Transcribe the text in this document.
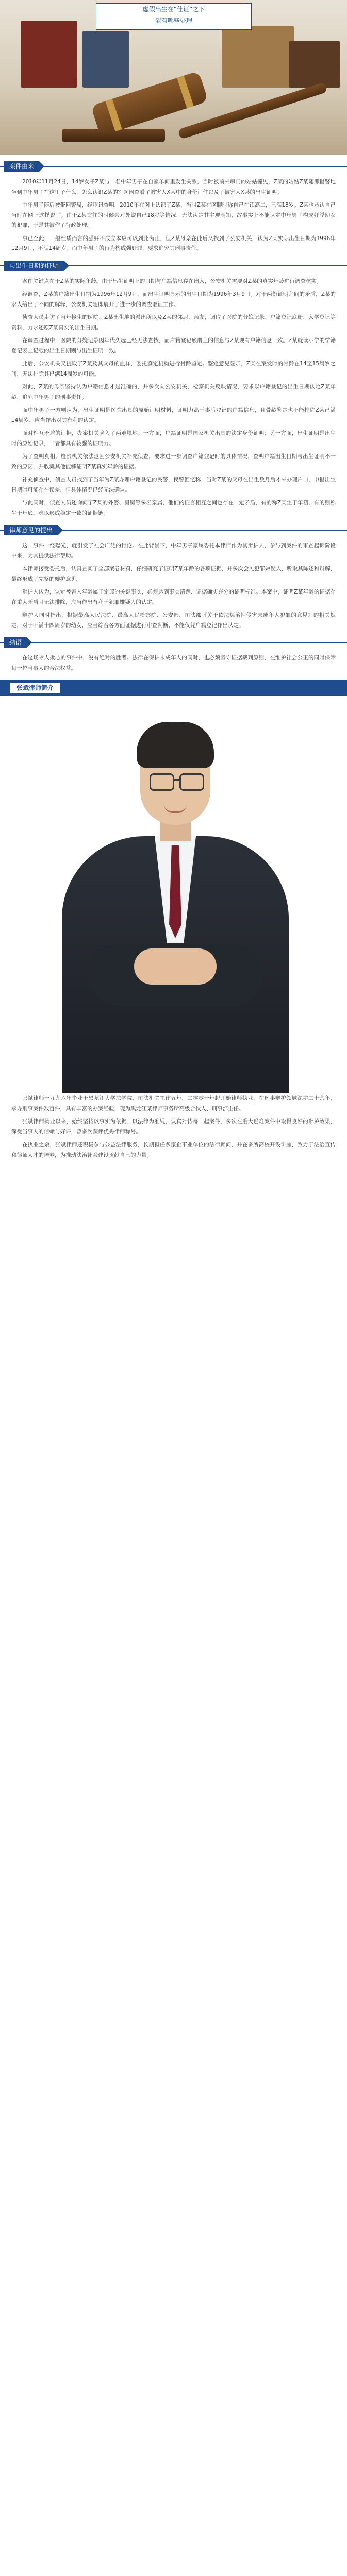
虚假出生在“仕证”之下
能有哪些处理
案件由来

2010年11月24日，14岁女子Z某与一名中年男子在自家单间里发生关系，当时被前来串门的姑姑撞见，Z某的姑姑Z某随即报警地坐到中年男子在这里子什么，怎么认识Z某的？起因查看了被害人X某中的身份证件以及了被害人X某的出生证明。

中年男子随后被带回警局，经审讯查明，2010年在网上认识了Z某，当时Z某在网聊时称自己在读高二，已满18岁。Z某也承认自己当时在网上这样说了。由于Z某交往的时候会对外说自己18岁等情况，无法认定其主观明知，故事实上不能认定中年男子构成奸淫幼女的犯罪，于是其被作了行政处理。

事已至此，一般性质而言的强奸不成立本应可以到此为止，但Z某母亲在此后又找到了公安机关，认为Z某实际出生日期为1996年12月9日，不满14周岁。而中年男子的行为构成强奸罪，要求追究其刑事责任。

与出生日期的证明

案件关键点在于Z某的实际年龄。由于出生证明上的日期与户籍信息存在出入，公安机关需要对Z某的真实年龄进行调查核实。

经调查，Z某的户籍出生日期为1996年12月9日，而出生证明显示的出生日期为1996年3月9日。对于两份证明之间的矛盾，Z某的家人给出了不同的解释，公安机关随即展开了进一步的调查取证工作。

侦查人员走访了当年接生的医院、Z某出生地的派出所以及Z某的邻居、亲友，调取了医院的分娩记录、户籍登记底册、入学登记等资料，力求还原Z某真实的出生日期。

在调查过程中，医院的分娩记录因年代久远已经无法查找，而户籍登记底册上的信息与Z某现有户籍信息一致。Z某就读小学的学籍登记表上记载的出生日期则与出生证明一致。

此后，公安机关又提取了Z某及其父母的血样，委托鉴定机构进行骨龄鉴定。鉴定意见显示，Z某在案发时的骨龄在14至15周岁之间，无法排除其已满14周岁的可能。

对此，Z某的母亲坚持认为户籍信息才是准确的，并多次向公安机关、检察机关反映情况，要求以户籍登记的出生日期认定Z某年龄，追究中年男子的刑事责任。

而中年男子一方则认为，出生证明是医院出具的原始证明材料，证明力高于事后登记的户籍信息，且骨龄鉴定也不能排除Z某已满14周岁，应当作出对其有利的认定。

面对相互矛盾的证据，办案机关陷入了两难境地。一方面，户籍证明是国家机关出具的法定身份证明；另一方面，出生证明是出生时的原始记录，二者都具有较强的证明力。

为了查明真相，检察机关依法退回公安机关补充侦查，要求进一步调查户籍登记时的具体情况，查明户籍出生日期与出生证明不一致的原因，并收集其他能够证明Z某真实年龄的证据。

补充侦查中，侦查人员找到了当年为Z某办理户籍登记的民警，民警回忆称，当时Z某的父母在出生数月后才来办理户口，申报出生日期时可能存在误差，但具体情况已经无法确认。

与此同时，侦查人员还询问了Z某的外婆、舅舅等多名亲属，他们的证言相互之间也存在一定矛盾，有的称Z某生于年初，有的则称生于年底，难以形成稳定一致的证据链。

律师意见的提出

这一事件一经曝光，就引发了社会广泛的讨论。在此背景下，中年男子家属委托本律师作为其辩护人，参与到案件的审查起诉阶段中来，为其提供法律帮助。

本律师接受委托后，认真查阅了全部案卷材料，仔细研究了证明Z某年龄的各项证据，并多次会见犯罪嫌疑人，听取其陈述和辩解，最终形成了完整的辩护意见。

辩护人认为，认定被害人年龄属于定罪的关键事实，必须达到事实清楚、证据确实充分的证明标准。本案中，证明Z某年龄的证据存在重大矛盾且无法排除，应当作出有利于犯罪嫌疑人的认定。

辩护人同时指出，根据最高人民法院、最高人民检察院、公安部、司法部《关于依法惩治性侵害未成年人犯罪的意见》的相关规定，对于不满十四周岁的幼女，应当综合各方面证据进行审查判断，不能仅凭户籍登记作出认定。

结语

在这场令人揪心的事件中，没有绝对的胜者。法律在保护未成年人的同时，也必须坚守证据裁判原则，在维护社会公正的同时保障每一位当事人的合法权益。

张斌律师简介

张斌律师一九九六年毕业于黑龙江大学法学院，司法机关工作五年，二零零一年起开始律师执业，在刑事辩护领域深耕二十余年，承办刑事案件数百件，具有丰富的办案经验，现为黑龙江某律师事务所高级合伙人、刑事部主任。

张斌律师执业以来，始终坚持以事实为依据、以法律为准绳，认真对待每一起案件，多次在重大疑难案件中取得良好的辩护效果，深受当事人的信赖与好评，曾多次获评优秀律师称号。

在执业之余，张斌律师还积极参与公益法律服务，长期担任多家企事业单位的法律顾问，并在多所高校开设讲座，致力于法治宣传和律师人才的培养，为推动法治社会建设贡献自己的力量。
